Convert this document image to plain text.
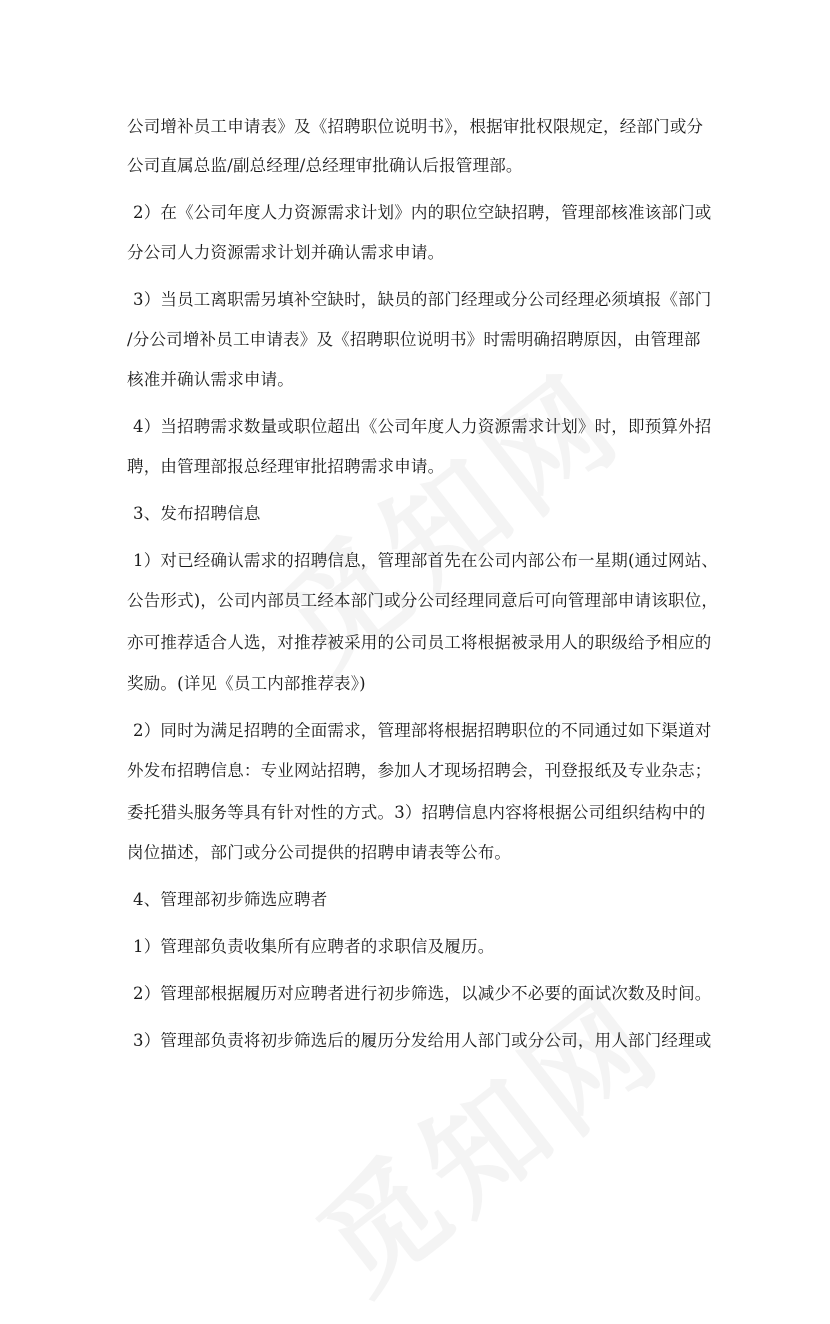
公司增补员工申请表》及《招聘职位说明书》，根据审批权限规定，经部门或分
公司直属总监/副总经理/总经理审批确认后报管理部。
2）在《公司年度人力资源需求计划》内的职位空缺招聘，管理部核准该部门或
分公司人力资源需求计划并确认需求申请。
3）当员工离职需另填补空缺时，缺员的部门经理或分公司经理必须填报《部门
/分公司增补员工申请表》及《招聘职位说明书》时需明确招聘原因，由管理部
核准并确认需求申请。
4）当招聘需求数量或职位超出《公司年度人力资源需求计划》时，即预算外招
聘，由管理部报总经理审批招聘需求申请。
3、发布招聘信息
1）对已经确认需求的招聘信息，管理部首先在公司内部公布一星期(通过网站、
公告形式)，公司内部员工经本部门或分公司经理同意后可向管理部申请该职位，
亦可推荐适合人选，对推荐被采用的公司员工将根据被录用人的职级给予相应的
奖励。(详见《员工内部推荐表》)
2）同时为满足招聘的全面需求，管理部将根据招聘职位的不同通过如下渠道对
外发布招聘信息：专业网站招聘，参加人才现场招聘会，刊登报纸及专业杂志；
委托猎头服务等具有针对性的方式。3）招聘信息内容将根据公司组织结构中的
岗位描述，部门或分公司提供的招聘申请表等公布。
4、管理部初步筛选应聘者
1）管理部负责收集所有应聘者的求职信及履历。
2）管理部根据履历对应聘者进行初步筛选，以减少不必要的面试次数及时间。
3）管理部负责将初步筛选后的履历分发给用人部门或分公司，用人部门经理或
